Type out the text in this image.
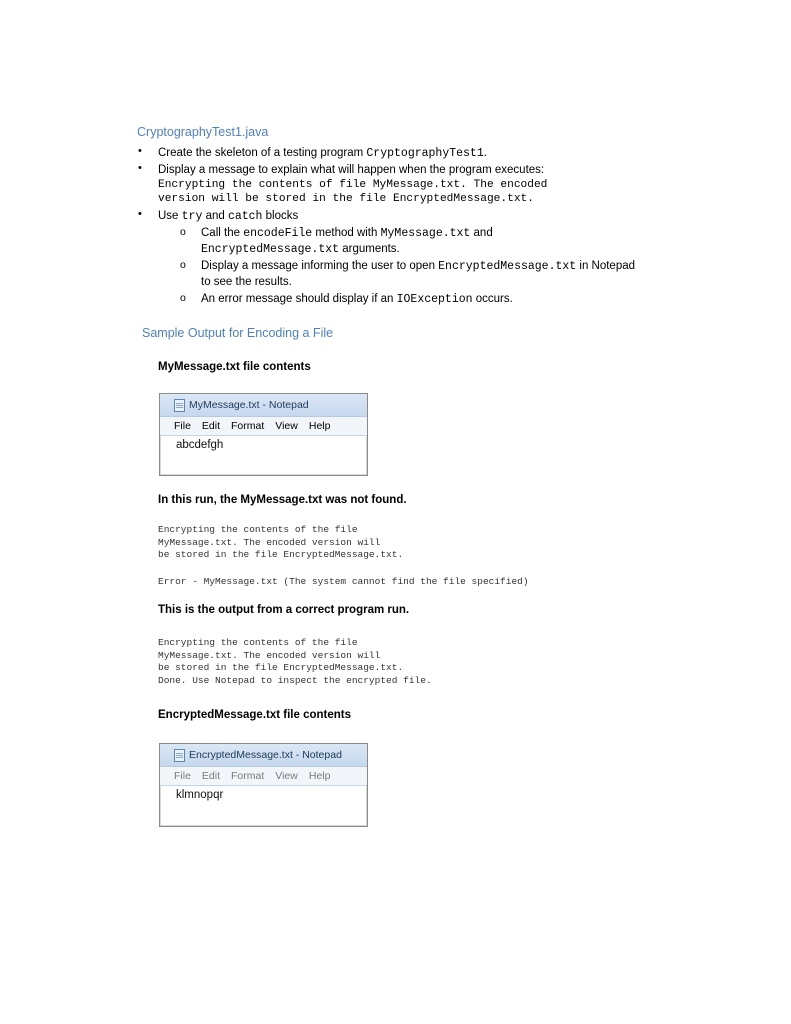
CryptographyTest1.java
• Create the skeleton of a testing program CryptographyTest1.
• Display a message to explain what will happen when the program executes:
Encrypting the contents of file MyMessage.txt. The encoded
version will be stored in the file EncryptedMessage.txt.
• Use try and catch blocks
o Call the encodeFile method with MyMessage.txt and
EncryptedMessage.txt arguments.
o Display a message informing the user to open EncryptedMessage.txt in Notepad
to see the results.
o An error message should display if an IOException occurs.
Sample Output for Encoding a File
MyMessage.txt file contents
MyMessage.txt - Notepad
File Edit Format View Help
abcdefgh
In this run, the MyMessage.txt was not found.
Encrypting the contents of the file
MyMessage.txt. The encoded version will
be stored in the file EncryptedMessage.txt.
Error - MyMessage.txt (The system cannot find the file specified)
This is the output from a correct program run.
Encrypting the contents of the file
MyMessage.txt. The encoded version will
be stored in the file EncryptedMessage.txt.
Done. Use Notepad to inspect the encrypted file.
EncryptedMessage.txt file contents
EncryptedMessage.txt - Notepad
File Edit Format View Help
klmnopqr
